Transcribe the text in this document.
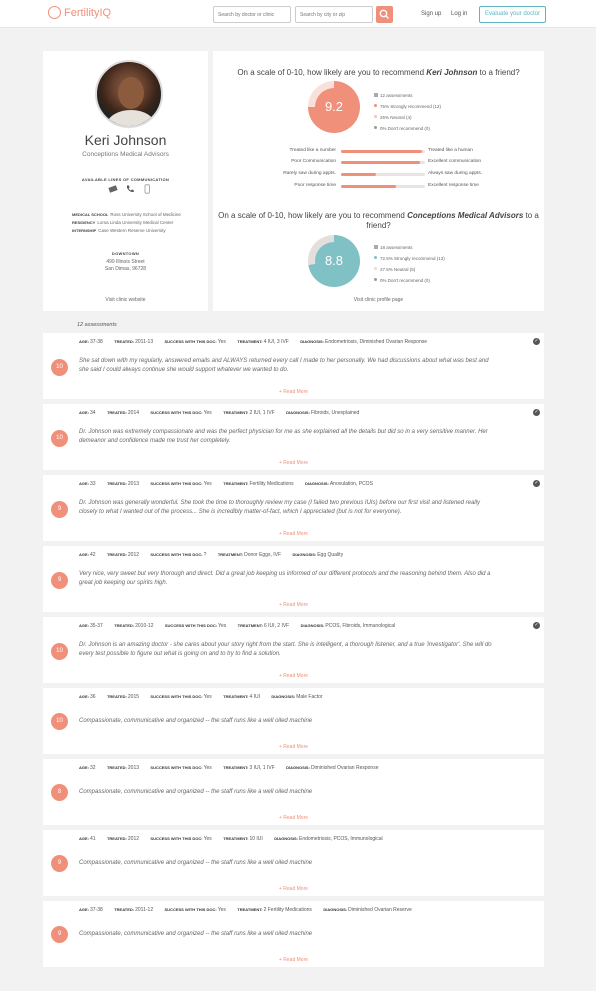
FertilityIQ
Search by doctor or clinic
Search by city or zip	Sign up Log in	Evaluate your doctor
Keri Johnson
Conceptions Medical Advisors
AVAILABLE LINES OF COMMUNICATION
MEDICAL SCHOOL Ross University School of Medicine
RESIDENCY Loma Linda University Medical Center
INTERNSHIP Case Western Reserve University
DOWNTOWN
499 Illinois Street
San Dimas, 96728
Visit clinic website
On a scale of 0-10, how likely are you to recommend Keri Johnson to a friend?
9.2
12 assessments
75% Strongly recommend (12)
25% Neutral (4)
0% Don't recommend (0)
Treated like a number	Treated like a human
Poor Communication	Excellent communication
Rarely saw during appts.	Always saw during appts.
Poor response time	Excellent response time
On a scale of 0-10, how likely are you to recommend Conceptions Medical Advisors to a friend?
8.8
18 assessments
72.5% Strongly recommend (13)
27.5% Neutral (5)
0% Don't recommend (0)
Visit clinic profile page
12 assessments
AGE:37-38	TREATED:2011-13	SUCCESS WITH THIS DOC:Yes	TREATMENT:4 IUI, 3 IVF	DIAGNOSIS:Endometriosis, Diminished Ovarian Response	✓
10
She sat down with my regularly, answered emails and ALWAYS returned every call I made to her personally. We had discussions about what was best and she said I could always continue she would support whatever we wanted to do.
+ Read More
AGE:34	TREATED:2014	SUCCESS WITH THIS DOC:Yes	TREATMENT:2 IUI, 1 IVF	DIAGNOSIS:Fibroids, Unexplained	✓
10
Dr. Johnson was extremely compassionate and was the perfect physician for me as she explained all the details but did so in a very sensitive manner. Her demeanor and confidence made me trust her completely.
+ Read More
AGE:33	TREATED:2013	SUCCESS WITH THIS DOC:Yes	TREATMENT:Fertility Medications	DIAGNOSIS:Anovulation, PCOS	✓
9
Dr. Johnson was generally wonderful. She took the time to thoroughly review my case (I failed two previous IUIs) before our first visit and listened really closely to what I wanted out of the process... She is incredibly matter-of-fact, which I appreciated (but is not for everyone).
+ Read More
AGE:42	TREATED:2012	SUCCESS WITH THIS DOC:?	TREATMENT:Donor Eggs, IVF	DIAGNOSIS:Egg Quality
9
Very nice, very sweet but very thorough and direct. Did a great job keeping us informed of our different protocols and the reasoning behind them. Also did a great job keeping our spirits high.
+ Read More
AGE:35-37	TREATED:2010-12	SUCCESS WITH THIS DOC:Yes	TREATMENT:6 IUI, 2 IVF	DIAGNOSIS:PCOS, Fibroids, Immunological	✓
10
Dr. Johnson is an amazing doctor - she cares about your story right from the start. She is intelligent, a thorough listener, and a true 'investigator'. She will do every test possible to figure out what is going on and to try to find a solution.
+ Read More
AGE:36	TREATED:2015	SUCCESS WITH THIS DOC:Yes	TREATMENT:4 IUI	DIAGNOSIS:Male Factor
10	Compassionate, communicative and organized -- the staff runs like a well oiled machine
+ Read More
AGE:32	TREATED:2013	SUCCESS WITH THIS DOC:Yes	TREATMENT:3 IUI, 1 IVF	DIAGNOSIS:Diminished Ovarian Response
8	Compassionate, communicative and organized -- the staff runs like a well oiled machine
+ Read More
AGE:41	TREATED:2012	SUCCESS WITH THIS DOC:Yes	TREATMENT:10 IUI	DIAGNOSIS:Endometriosis, PCOS, Immunological
9	Compassionate, communicative and organized -- the staff runs like a well oiled machine
+ Read More
AGE:37-38	TREATED:2011-12	SUCCESS WITH THIS DOC:Yes	TREATMENT:2 Fertility Medications	DIAGNOSIS:Diminished Ovarian Reserve
9	Compassionate, communicative and organized -- the staff runs like a well oiled machine
+ Read More
